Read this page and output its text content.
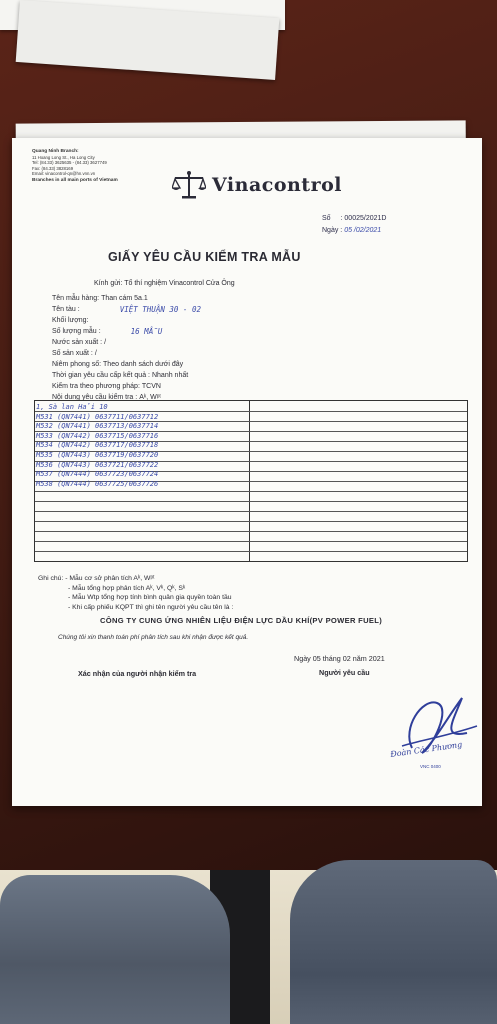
Quang Ninh Branch:
11 Hoang Long St., Ha Long City
Tel: (84.33) 3625635 - (84.33) 3627749
Fax: (84.33) 3828169
Email: vinacontrol-qn@hn.vnn.vn
Branches in all main ports of Vietnam	Vinacontrol
Số : 00025/2021D
Ngày : 05 /02/2021
GIẤY YÊU CẦU KIỂM TRA MẪU
Kính gửi: Tổ thí nghiệm Vinacontrol Cửa Ông
Tên mẫu hàng: Than cám 5a.1
Tên tàu :	VIỆT THUẬN 30 - 02
Khối lượng:
Số lượng mẫu :	16 MẪU
Nước sản xuất : /
Số sản xuất : /
Niêm phong số: Theo danh sách dưới đây
Thời gian yêu cầu cấp kết quả : Nhanh nhất
Kiểm tra theo phương pháp: TCVN
Nội dung yêu cầu kiểm tra : Aᵏ, Wᵖᵗ
1, Sà lan Hải 10
M531 (QN7441) 0637711/0637712
M532 (QN7441) 0637713/0637714
M533 (QN7442) 0637715/0637716
M534 (QN7442) 0637717/0637718
M535 (QN7443) 0637719/0637720
M536 (QN7443) 0637721/0637722
M537 (QN7444) 0637723/0637724
M538 (QN7444) 0637725/0637726
Ghi chú: - Mẫu cơ sở phân tích Aᵏ, Wᵖᵗ
- Mẫu tổng hợp phân tích Aᵏ, Vᵏ, Qᵏ, Sᵏ
- Mẫu Wtp tổng hợp tính bình quân gia quyền toàn tầu
- Khi cấp phiếu KQPT thì ghi tên người yêu cầu tên là :
CÔNG TY CUNG ỨNG NHIÊN LIỆU ĐIỆN LỰC DẦU KHÍ(PV POWER FUEL)
Chúng tôi xin thanh toán phí phân tích sau khi nhận được kết quả.
Ngày 05 tháng 02 năm 2021
Xác nhận của người nhận kiểm tra	Người yêu cầu
Đoàn Các Phương
VNC 0400
